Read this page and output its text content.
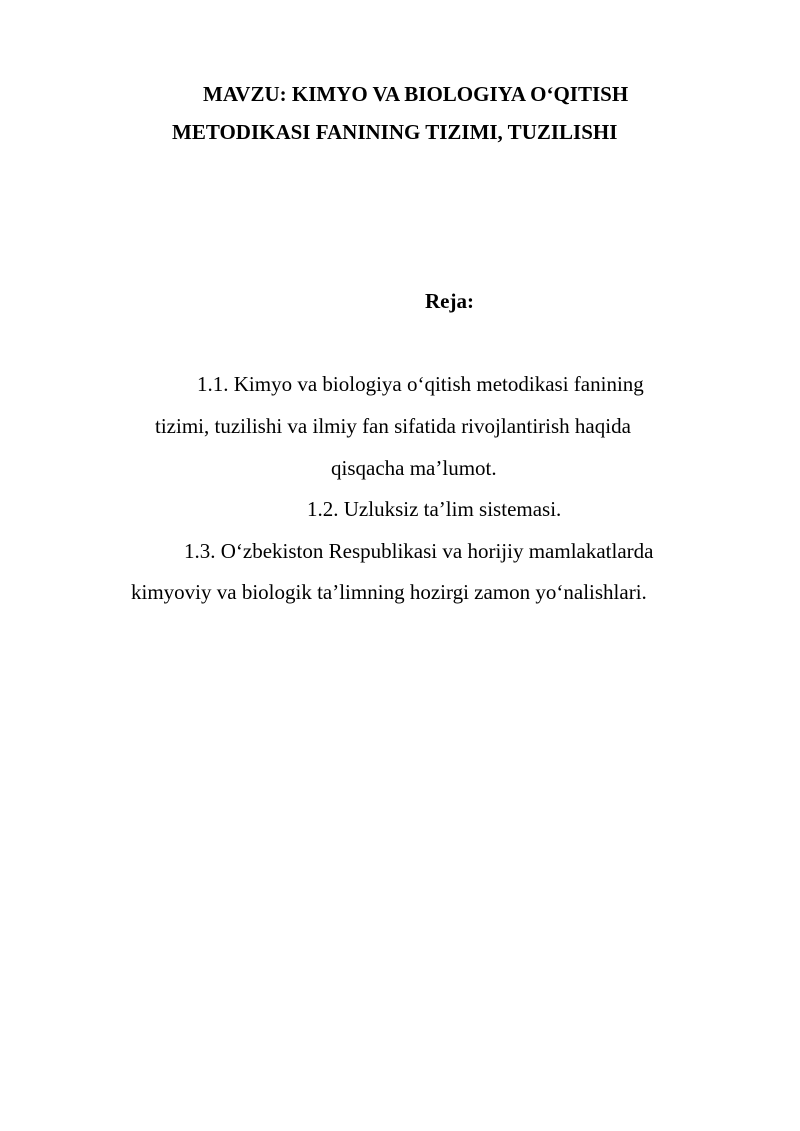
MAVZU: KIMYO VA BIOLOGIYA O‘QITISH
METODIKASI FANINING TIZIMI, TUZILISHI
Reja:
1.1. Kimyo va biologiya o‘qitish metodikasi fanining
tizimi, tuzilishi va ilmiy fan sifatida rivojlantirish haqida
qisqacha ma’lumot.
1.2. Uzluksiz ta’lim sistemasi.
1.3. O‘zbekiston Respublikasi va horijiy mamlakatlarda
kimyoviy va biologik ta’limning hozirgi zamon yo‘nalishlari.
